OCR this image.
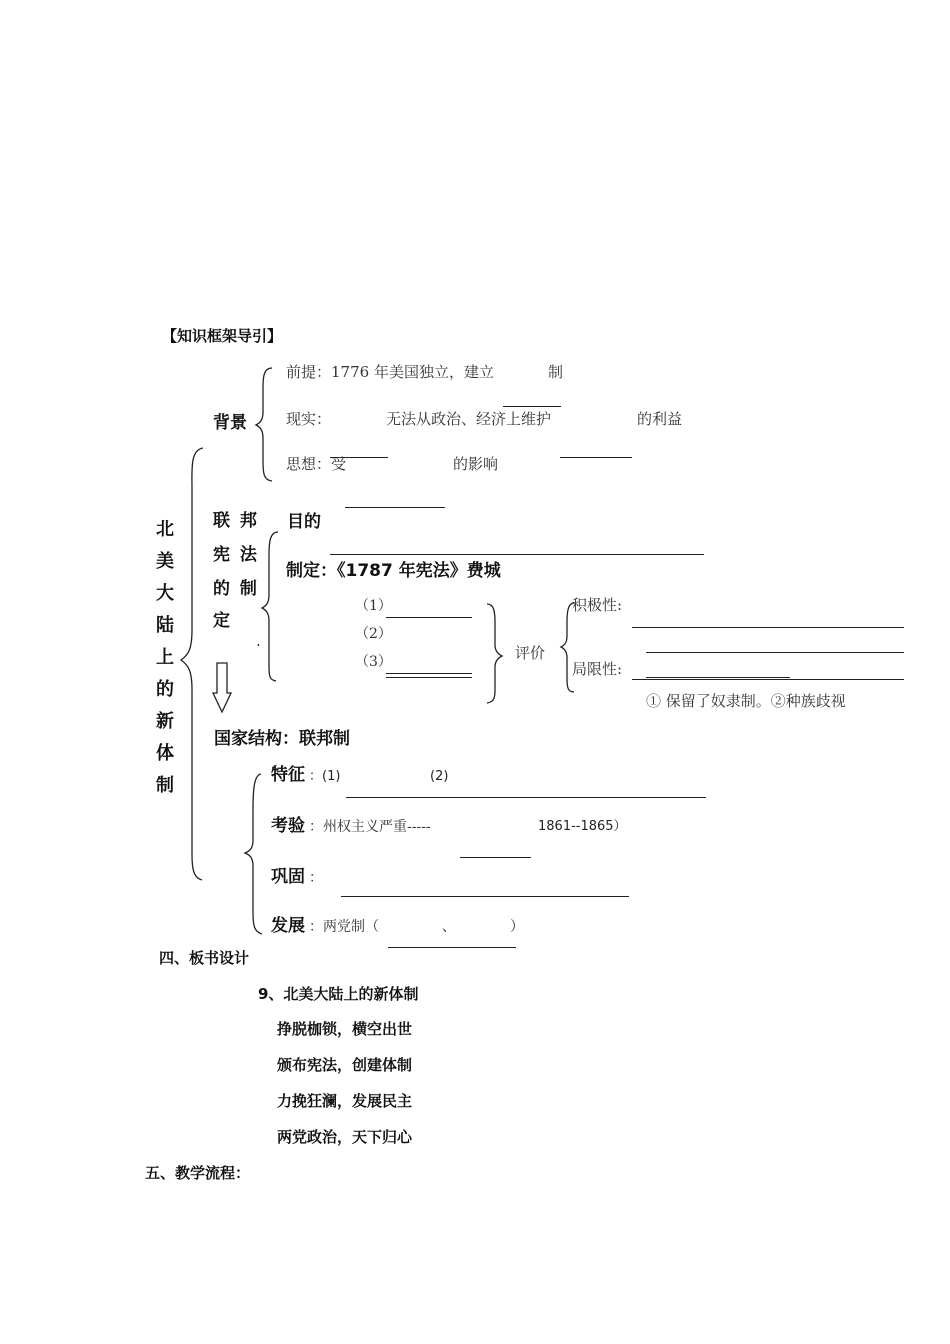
【知识框架导引】
北
美
大
陆
上
的
新
体
制
背景
前提：1776 年美国独立，建立	制
现实：	无法从政治、经济上维护	的利益
思想：受	的影响
联 邦
宪 法
的 制
定
目的
制定：《1787 年宪法》费城
.
（1）
（2）
（3）	评价
积极性:
局限性:
① 保留了奴隶制。②种族歧视
国家结构：联邦制
特征 ：(1)	(2)
考验 ：州权主义严重-----	1861--1865）
巩固 ：
发展 ：两党制（	、	）
四、板书设计
9、北美大陆上的新体制
挣脱枷锁，横空出世
颁布宪法，创建体制
力挽狂澜，发展民主
两党政治，天下归心
五、教学流程：
